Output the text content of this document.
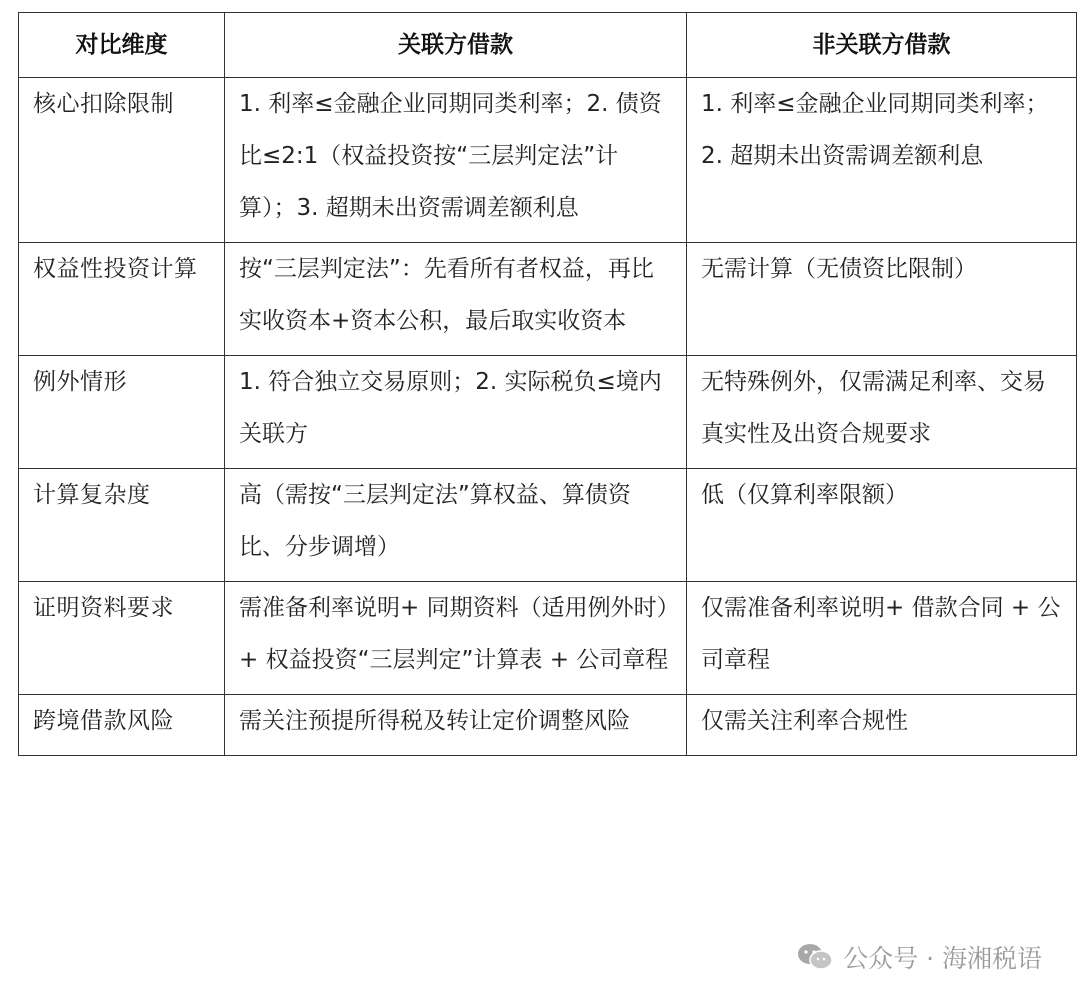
对比维度	关联方借款	非关联方借款
核心扣除限制	1. 利率≤金融企业同期同类利率；2. 债资比≤2:1（权益投资按“三层判定法”计算）；3. 超期未出资需调差额利息	1. 利率≤金融企业同期同类利率；2. 超期未出资需调差额利息
权益性投资计算	按“三层判定法”：先看所有者权益，再比实收资本+资本公积，最后取实收资本	无需计算（无债资比限制）
例外情形	1. 符合独立交易原则；2. 实际税负≤境内关联方	无特殊例外，仅需满足利率、交易真实性及出资合规要求
计算复杂度	高（需按“三层判定法”算权益、算债资比、分步调增）	低（仅算利率限额）
证明资料要求	需准备利率说明+ 同期资料（适用例外时）+ 权益投资“三层判定”计算表 + 公司章程	仅需准备利率说明+ 借款合同 + 公司章程
跨境借款风险	需关注预提所得税及转让定价调整风险	仅需关注利率合规性
公众号 · 海湘税语
